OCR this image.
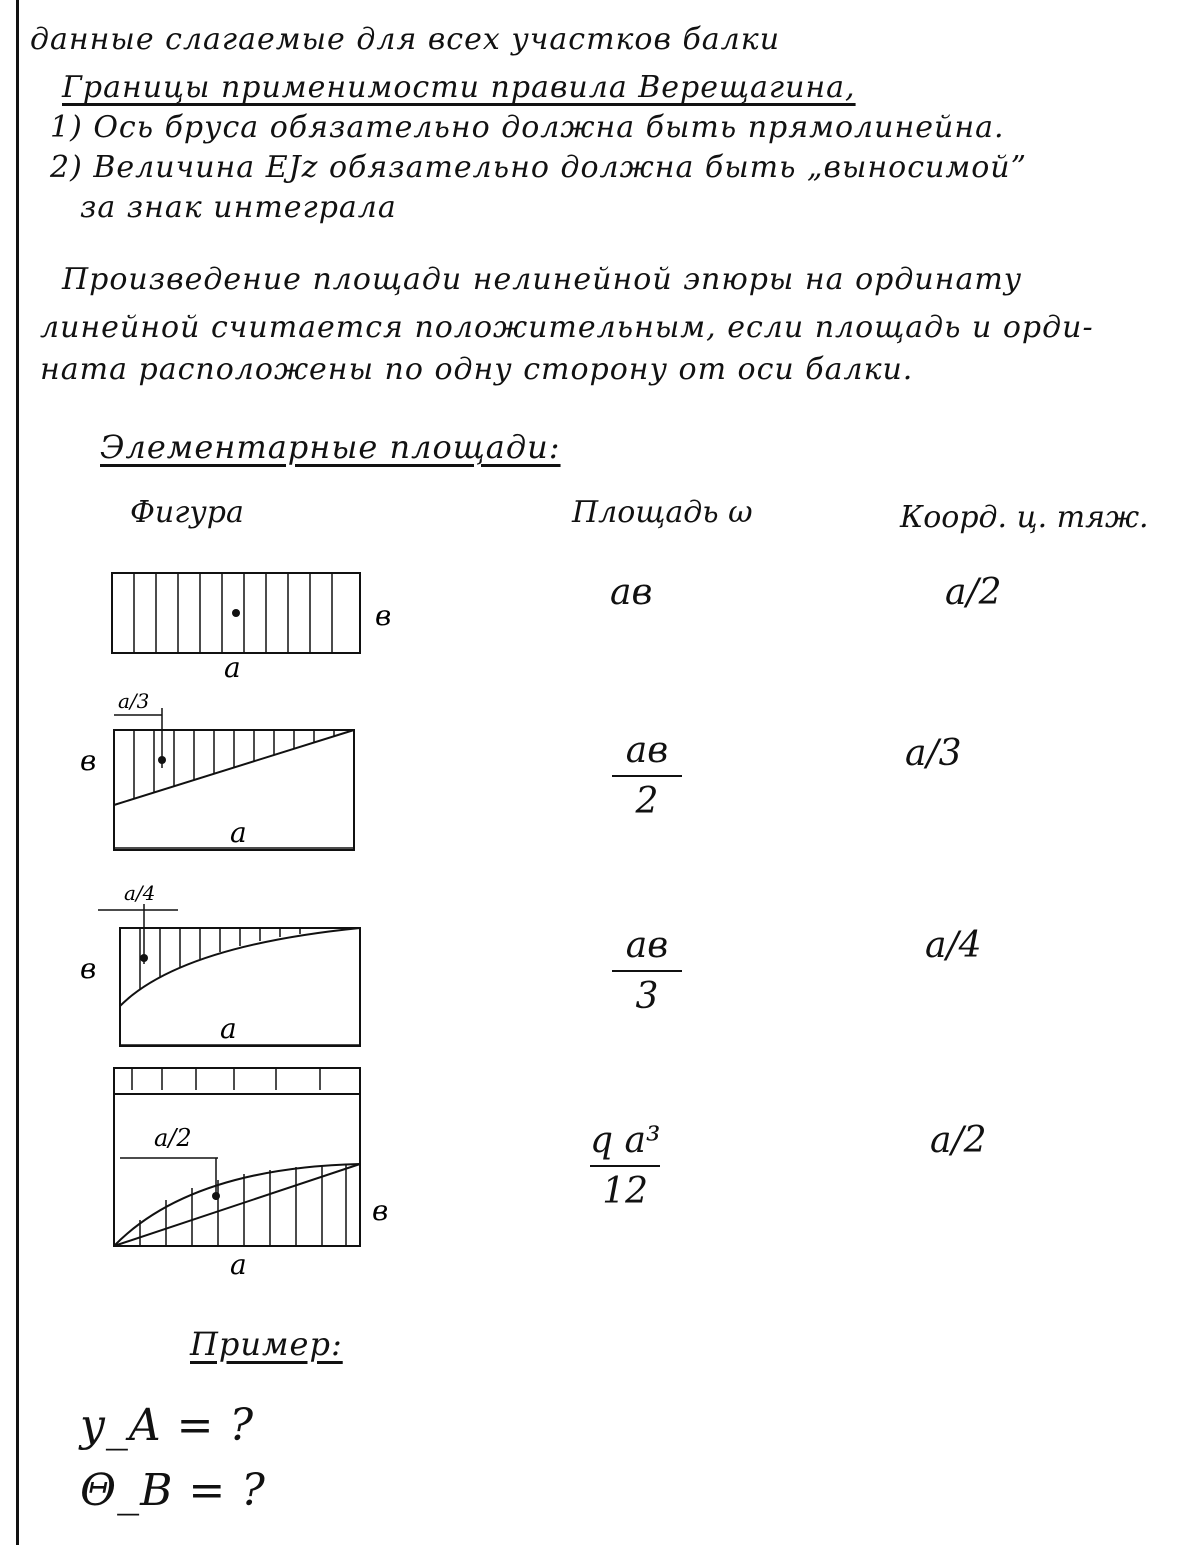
данные слагаемые для всех участков балки
Границы применимости правила Верещагина,
1) Ось бруса обязательно должна быть прямолинейна.
2) Величина EJz обязательно должна быть „выносимой”
за знак интеграла
Произведение площади нелинейной эпюры на ординату
линейной считается положительным, если площадь и орди-
ната расположены по одну сторону от оси балки.
Элементарные площади:
Фигура	Площадь ω	Коорд. ц. тяж.
a
в
aв	a/2
a/3
a
в	$\frac{aв}{2}$	a/3
a/4
a
в	$\frac{aв}{3}$	a/4
a/2
a
в	$\frac{\text{q a³}}{12}$	a/2
Пример:
y_A = ?
Θ_B = ?
